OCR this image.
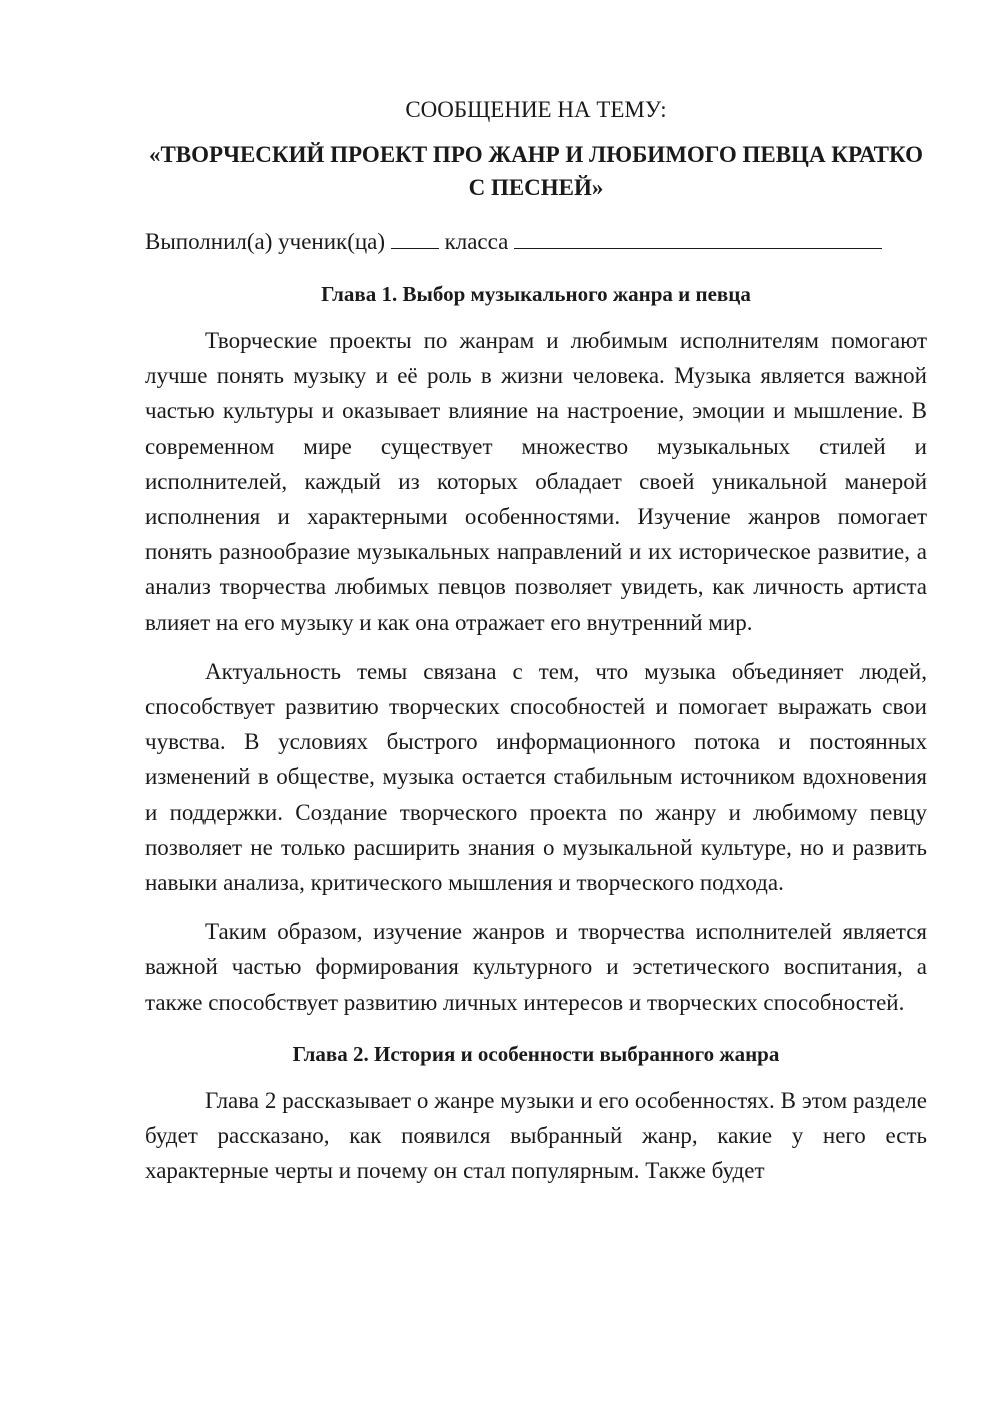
СООБЩЕНИЕ НА ТЕМУ:
«ТВОРЧЕСКИЙ ПРОЕКТ ПРО ЖАНР И ЛЮБИМОГО ПЕВЦА КРАТКО С ПЕСНЕЙ»
Выполнил(а) ученик(ца)	класса
Глава 1. Выбор музыкального жанра и певца

Творческие проекты по жанрам и любимым исполнителям помогают лучше понять музыку и её роль в жизни человека. Музыка является важной частью культуры и оказывает влияние на настроение, эмоции и мышление. В современном мире существует множество музыкальных стилей и исполнителей, каждый из которых обладает своей уникальной манерой исполнения и характерными особенностями. Изучение жанров помогает понять разнообразие музыкальных направлений и их историческое развитие, а анализ творчества любимых певцов позволяет увидеть, как личность артиста влияет на его музыку и как она отражает его внутренний мир.

Актуальность темы связана с тем, что музыка объединяет людей, способствует развитию творческих способностей и помогает выражать свои чувства. В условиях быстрого информационного потока и постоянных изменений в обществе, музыка остается стабильным источником вдохновения и поддержки. Создание творческого проекта по жанру и любимому певцу позволяет не только расширить знания о музыкальной культуре, но и развить навыки анализа, критического мышления и творческого подхода.

Таким образом, изучение жанров и творчества исполнителей является важной частью формирования культурного и эстетического воспитания, а также способствует развитию личных интересов и творческих способностей.

Глава 2. История и особенности выбранного жанра

Глава 2 рассказывает о жанре музыки и его особенностях. В этом разделе будет рассказано, как появился выбранный жанр, какие у него есть характерные черты и почему он стал популярным. Также будет
